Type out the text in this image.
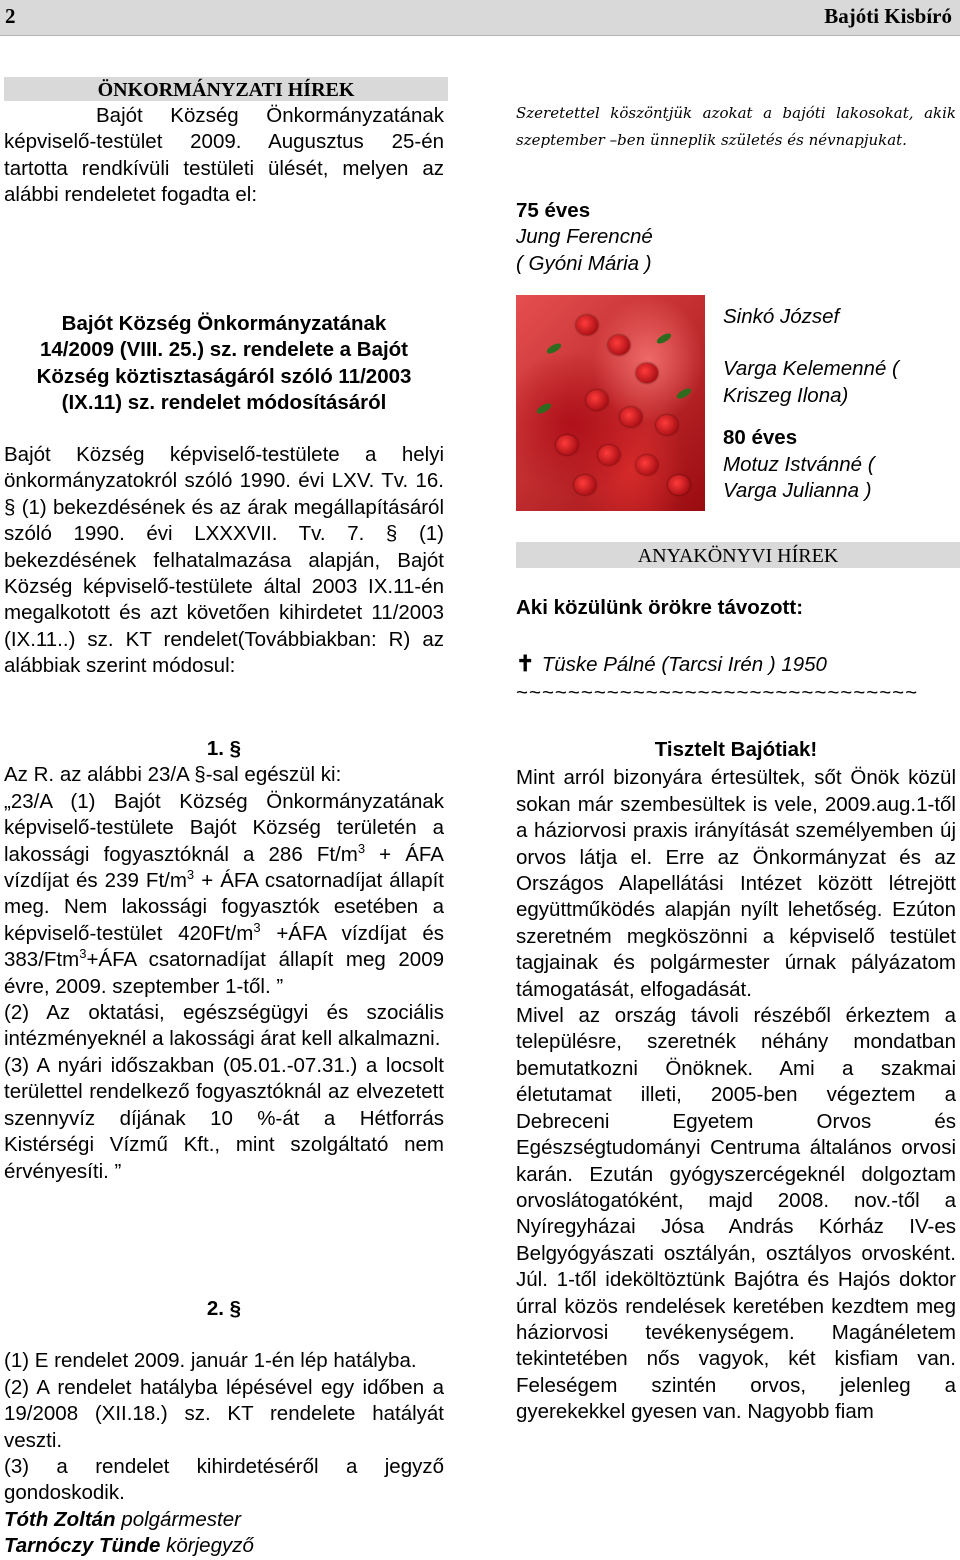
2	Bajóti Kisbíró
ÖNKORMÁNYZATI HÍREK

Bajót Község Önkormányzatának képviselő-testület 2009. Augusztus 25-én tartotta rendkívüli testületi ülését, melyen az alábbi rendeletet fogadta el:

Bajót Község Önkormányzatának 14/2009 (VIII. 25.) sz. rendelete a Bajót Község köztisztaságáról szóló 11/2003 (IX.11) sz. rendelet módosításáról

Bajót Község képviselő-testülete a helyi önkormányzatokról szóló 1990. évi LXV. Tv. 16. § (1) bekezdésének és az árak megállapításáról szóló 1990. évi LXXXVII. Tv. 7. § (1) bekezdésének felhatalmazása alapján, Bajót Község képviselő-testülete által 2003 IX.11-én megalkotott és azt követően kihirdetet 11/2003 (IX.11..) sz. KT rendelet(Továbbiakban: R) az alábbiak szerint módosul:

1. §

Az R. az alábbi 23/A §-sal egészül ki:

„23/A (1) Bajót Község Önkormányzatának képviselő-testülete Bajót Község területén a lakossági fogyasztóknál a 286 $Ft/m^3$ + ÁFA vízdíjat és 239 $Ft/m^3$ + ÁFA csatornadíjat állapít meg. Nem lakossági fogyasztók esetében a képviselő-testület $420Ft/m^3$ +ÁFA vízdíjat és 383/Ftm$^3$+ÁFA csatornadíjat állapít meg 2009 évre, 2009. szeptember 1-től. ”

(2) Az oktatási, egészségügyi és szociális intézményeknél a lakossági árat kell alkalmazni.

(3) A nyári időszakban (05.01.-07.31.) a locsolt területtel rendelkező fogyasztóknál az elvezetett szennyvíz díjának 10 %-át a Hétforrás Kistérségi Vízmű Kft., mint szolgáltató nem érvényesíti. ”

2. §

(1) E rendelet 2009. január 1-én lép hatályba.

(2) A rendelet hatályba lépésével egy időben a 19/2008 (XII.18.) sz. KT rendelete hatályát veszti.

(3) a rendelet kihirdetéséről a jegyző gondoskodik.

Tóth Zoltán polgármester

Tarnóczy Tünde körjegyző

Szeretettel köszöntjük azokat a bajóti lakosokat, akik szeptember –ben ünneplik születés és névnapjukat.

75 éves

Jung Ferencné

( Gyóni Mária )

Sinkó József

Varga Kelemenné (

Kriszeg Ilona)

80 éves

Motuz Istvánné (

Varga Julianna )

ANYAKÖNYVI HÍREK

Aki közülünk örökre távozott:

✝ Tüske Pálné (Tarcsi Irén ) 1950

~~~~~~~~~~~~~~~~~~~~~~~~~~~~~~~

Tisztelt Bajótiak!

Mint arról bizonyára értesültek, sőt Önök közül sokan már szembesültek is vele, 2009.aug.1-től a háziorvosi praxis irányítását személyemben új orvos látja el. Erre az Önkormányzat és az Országos Alapellátási Intézet között létrejött együttműködés alapján nyílt lehetőség. Ezúton szeretném megköszönni a képviselő testület tagjainak és polgármester úrnak pályázatom támogatását, elfogadását.

Mivel az ország távoli részéből érkeztem a településre, szeretnék néhány mondatban bemutatkozni Önöknek. Ami a szakmai életutamat illeti, 2005-ben végeztem a Debreceni Egyetem Orvos és Egészségtudományi Centruma általános orvosi karán. Ezután gyógyszercégeknél dolgoztam orvoslátogatóként, majd 2008. nov.-től a Nyíregyházai Jósa András Kórház IV-es Belgyógyászati osztályán, osztályos orvosként. Júl. 1-től ideköltöztünk Bajótra és Hajós doktor úrral közös rendelések keretében kezdtem meg háziorvosi tevékenységem. Magánéletem tekintetében nős vagyok, két kisfiam van. Feleségem szintén orvos, jelenleg a gyerekekkel gyesen van. Nagyobb fiam
